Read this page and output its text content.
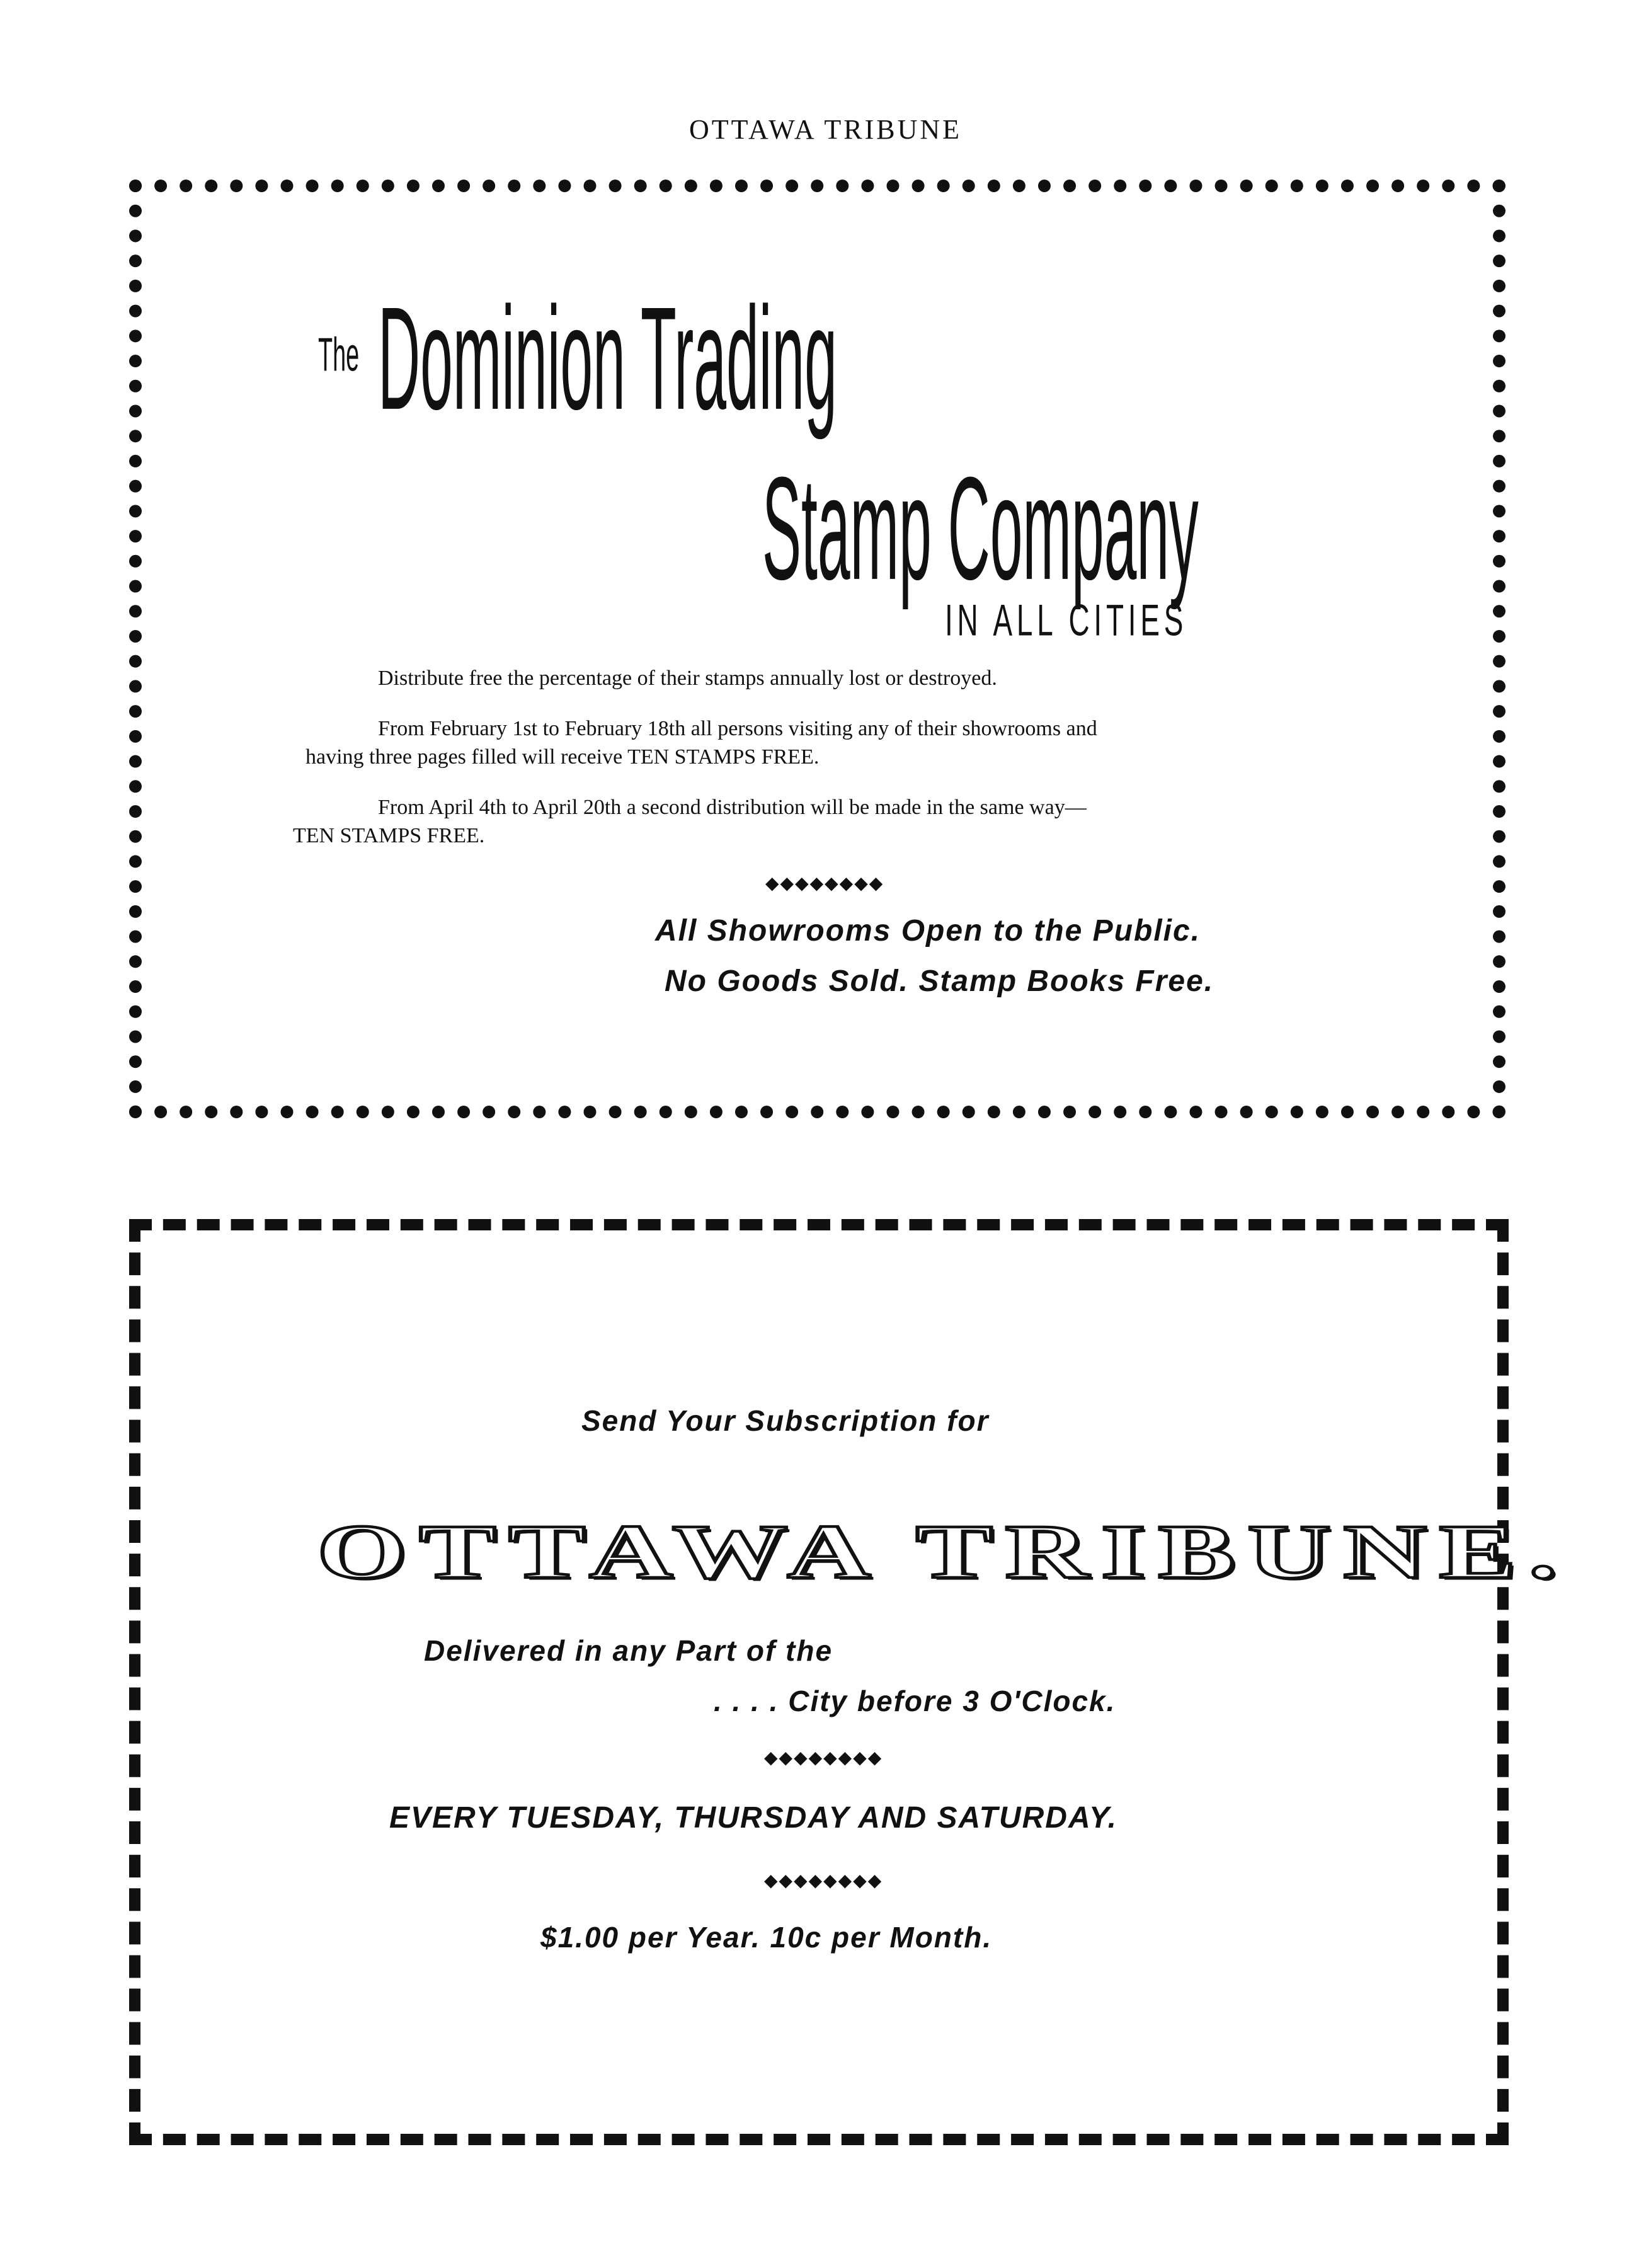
OTTAWA TRIBUNE
The Dominion Trading
Stamp Company
IN ALL CITIES
Distribute free the percentage of their stamps annually lost or destroyed.
From February 1st to February 18th all persons visiting any of their showrooms and
having three pages filled will receive TEN STAMPS FREE.
From April 4th to April 20th a second distribution will be made in the same way—
TEN STAMPS FREE.
◆◆◆◆◆◆◆◆
All Showrooms Open to the Public.
No Goods Sold. Stamp Books Free.
Send Your Subscription for
OTTAWA TRIBUNE.
Delivered in any Part of the
. . . . City before 3 O'Clock.
◆◆◆◆◆◆◆◆
EVERY TUESDAY, THURSDAY AND SATURDAY.
◆◆◆◆◆◆◆◆
$1.00 per Year. 10c per Month.
